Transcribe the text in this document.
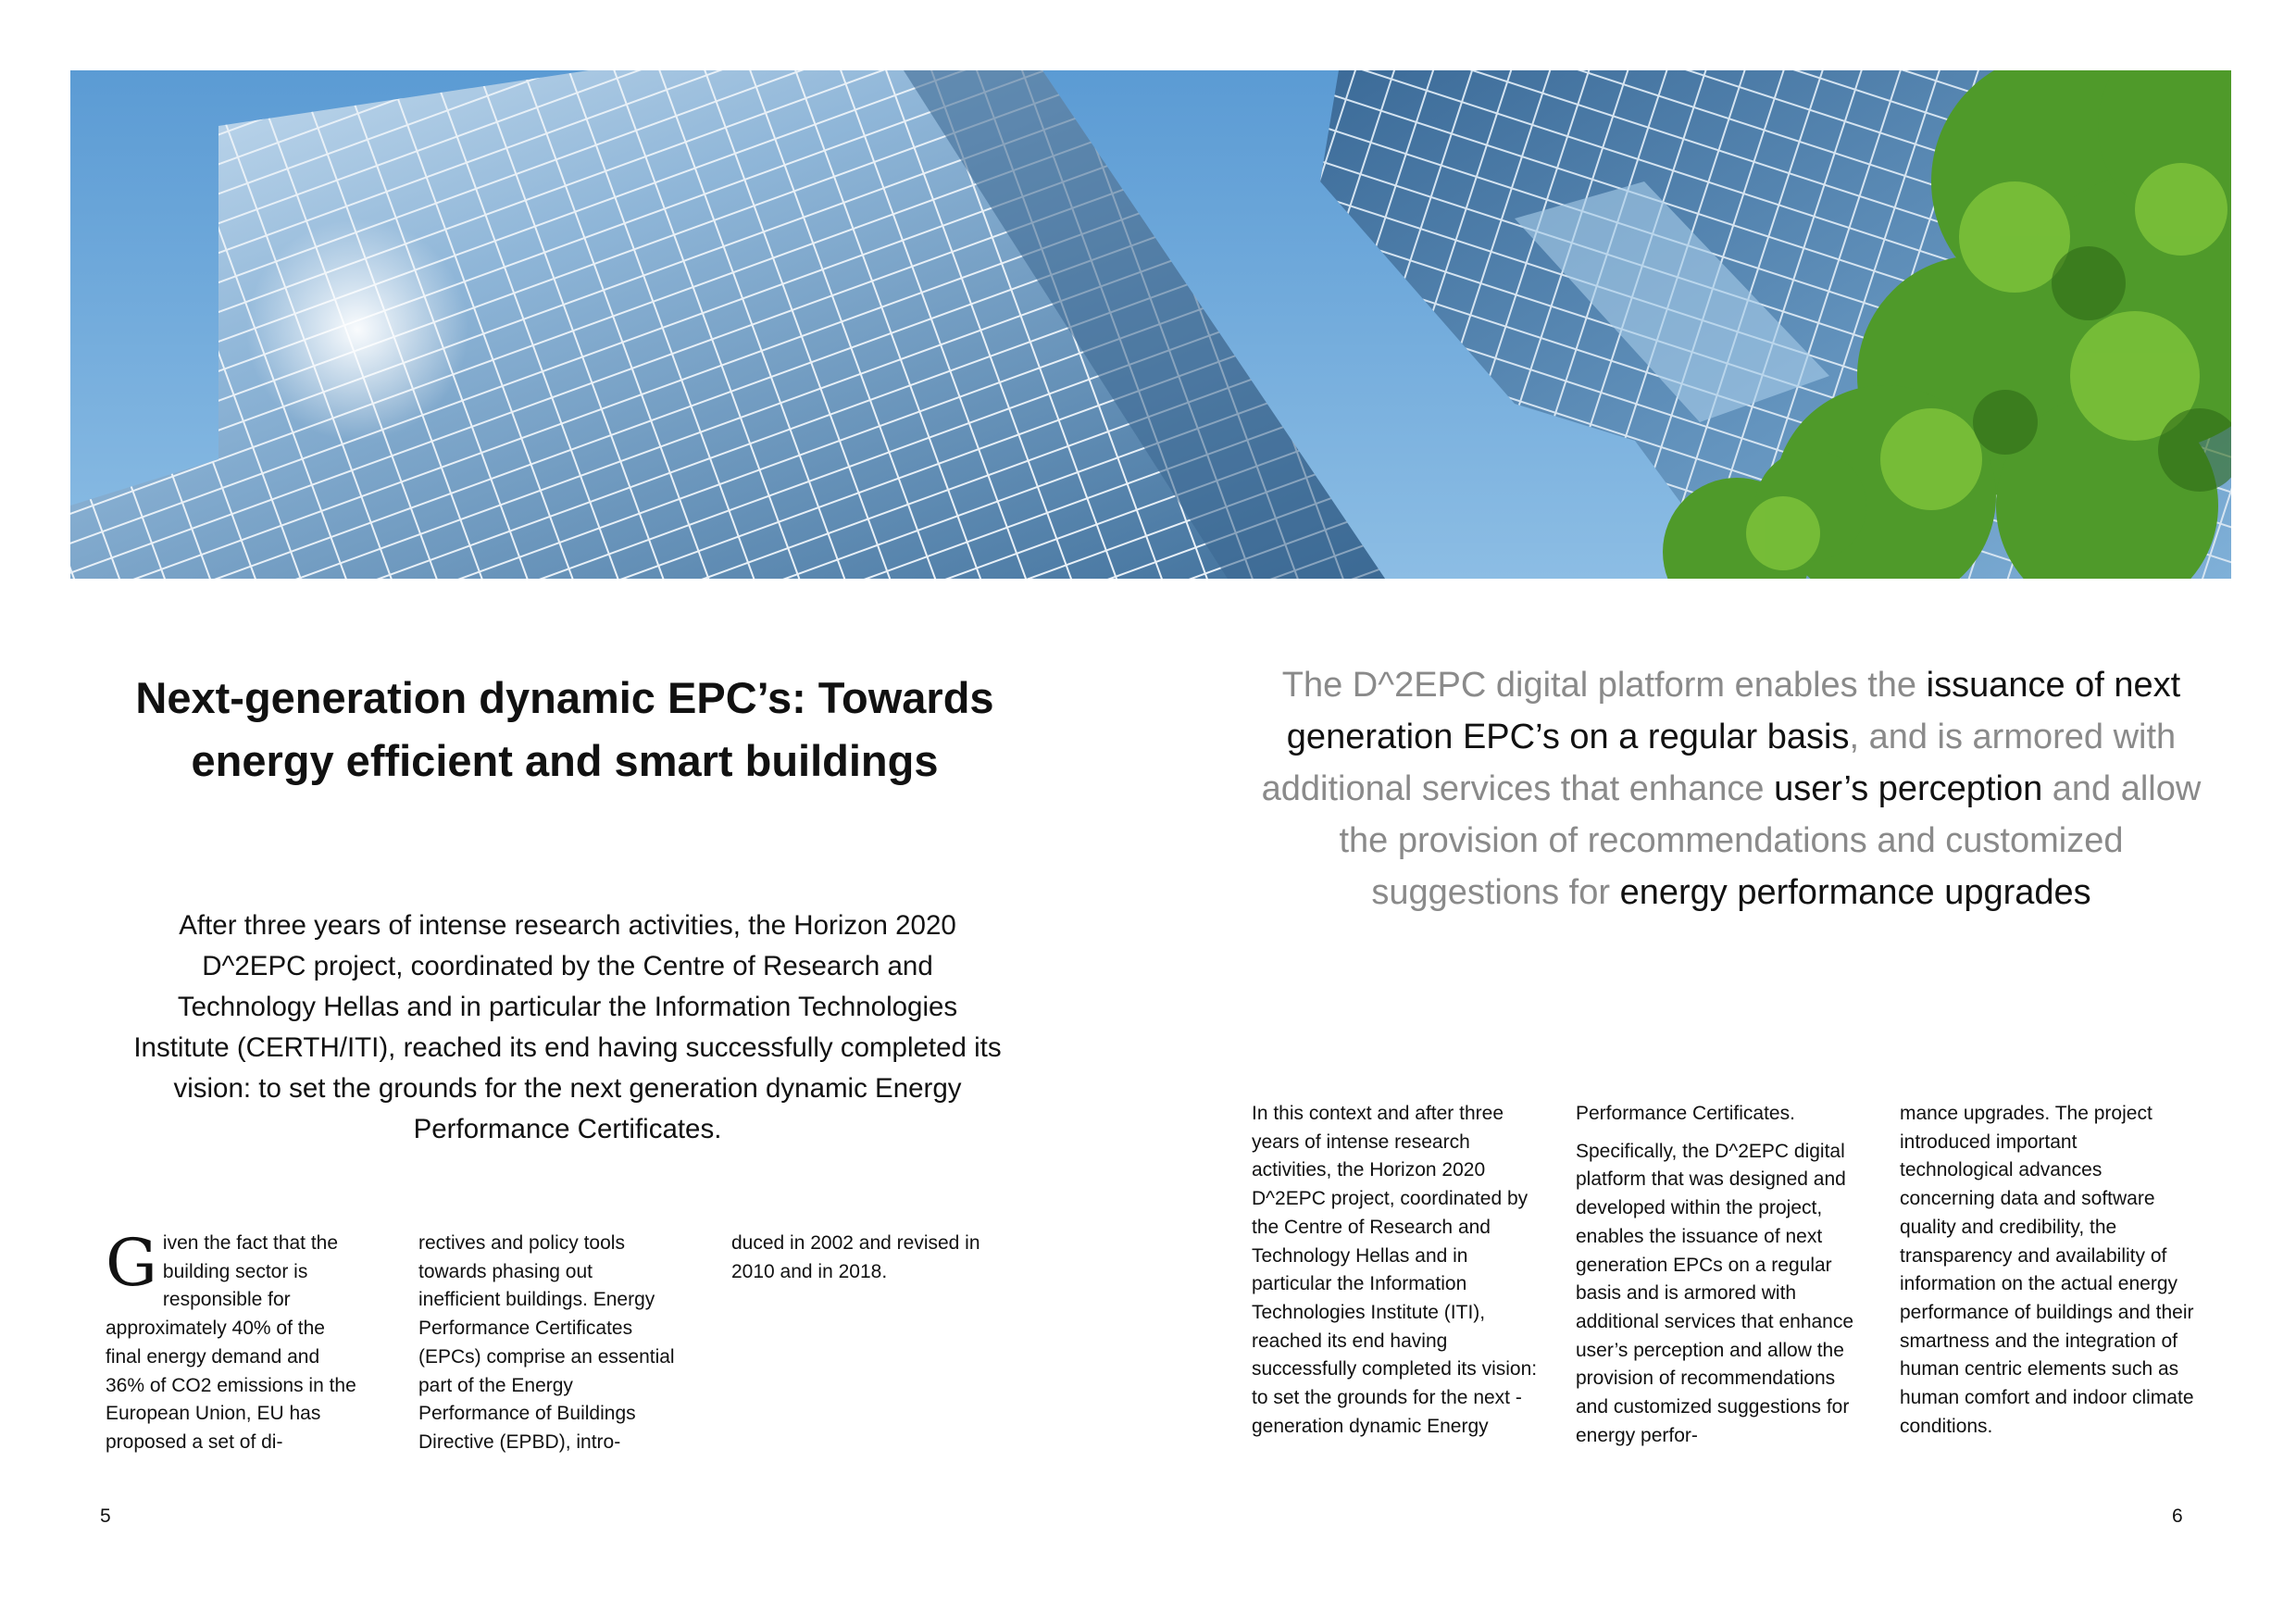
Next-generation dynamic EPC’s: Towards energy efficient and smart buildings

After three years of intense research activities, the Horizon 2020 D^2EPC project, coordinated by the Centre of Research and Technology Hellas and in particular the Information Technologies Institute (CERTH/ITI), reached its end having successfully completed its vision: to set the grounds for the next generation dynamic Energy Performance Certificates.

Given the fact that the building sector is responsible for approximately 40% of the final energy demand and 36% of CO2 emissions in the European Union, EU has proposed a set of di-
rectives and policy tools towards phasing out inefficient buildings. Energy Performance Certificates (EPCs) comprise an essential part of the Energy Performance of Buildings Directive (EPBD), intro-
duced in 2002 and revised in 2010 and in 2018.
5

The D^2EPC digital platform enables the issuance of next generation EPC’s on a regular basis, and is armored with additional services that enhance user’s perception and allow the provision of recommendations and customized suggestions for energy performance upgrades

In this context and after three years of intense research activities, the Horizon 2020 D^2EPC project, coordinated by the Centre of Research and Technology Hellas and in particular the Information Technologies Institute (ITI), reached its end having successfully completed its vision: to set the grounds for the next -generation dynamic Energy

Performance Certificates.

Specifically, the D^2EPC digital platform that was designed and developed within the project, enables the issuance of next generation EPCs on a regular basis and is armored with additional services that enhance user’s perception and allow the provision of recommendations and customized suggestions for energy perfor-

mance upgrades. The project introduced important technological advances concerning data and software quality and credibility, the transparency and availability of information on the actual energy performance of buildings and their smartness and the integration of human centric elements such as human comfort and indoor climate conditions.
6
